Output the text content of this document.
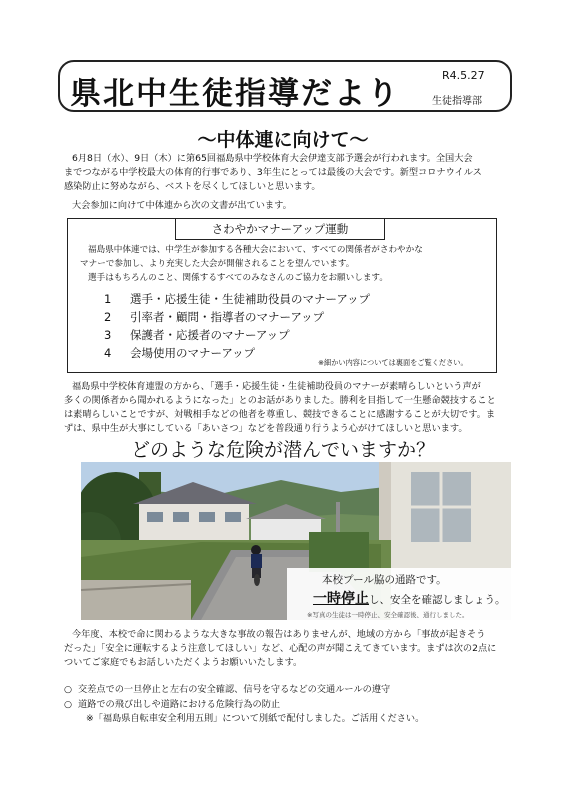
県北中生徒指導だより
R4.5.27
生徒指導部
～中体連に向けて～
6月8日（水）、9日（木）に第65回福島県中学校体育大会伊達支部予選会が行われます。全国大会
までつながる中学校最大の体育的行事であり、3年生にとっては最後の大会です。新型コロナウイルス
感染防止に努めながら、ベストを尽くしてほしいと思います。
大会参加に向けて中体連から次の文書が出ています。
さわやかマナーアップ運動
福島県中体連では、中学生が参加する各種大会において、すべての関係者がさわやかな
マナーで参加し、より充実した大会が開催されることを望んでいます。
選手はもちろんのこと、関係するすべてのみなさんのご協力をお願いします。
1 選手・応援生徒・生徒補助役員のマナーアップ
2 引率者・顧問・指導者のマナーアップ
3 保護者・応援者のマナーアップ
4 会場使用のマナーアップ
※細かい内容については裏面をご覧ください。
福島県中学校体育連盟の方から、「選手・応援生徒・生徒補助役員のマナーが素晴らしいという声が
多くの関係者から聞かれるようになった」とのお話がありました。勝利を目指して一生懸命競技すること
は素晴らしいことですが、対戦相手などの他者を尊重し、競技できることに感謝することが大切です。ま
ずは、県中生が大事にしている「あいさつ」などを普段通り行うよう心がけてほしいと思います。
どのような危険が潜んでいますか？
本校プール脇の通路です。
一時停止し、安全を確認しましょう。
※写真の生徒は一時停止、安全確認後、通行しました。
今年度、本校で命に関わるような大きな事故の報告はありませんが、地域の方から「事故が起きそう
だった」「安全に運転するよう注意してほしい」など、心配の声が聞こえてきています。まずは次の2点に
ついてご家庭でもお話しいただくようお願いいたします。
○ 交差点での一旦停止と左右の安全確認、信号を守るなどの交通ルールの遵守
○ 道路での飛び出しや道路における危険行為の防止
※「福島県自転車安全利用五則」について別紙で配付しました。ご活用ください。
